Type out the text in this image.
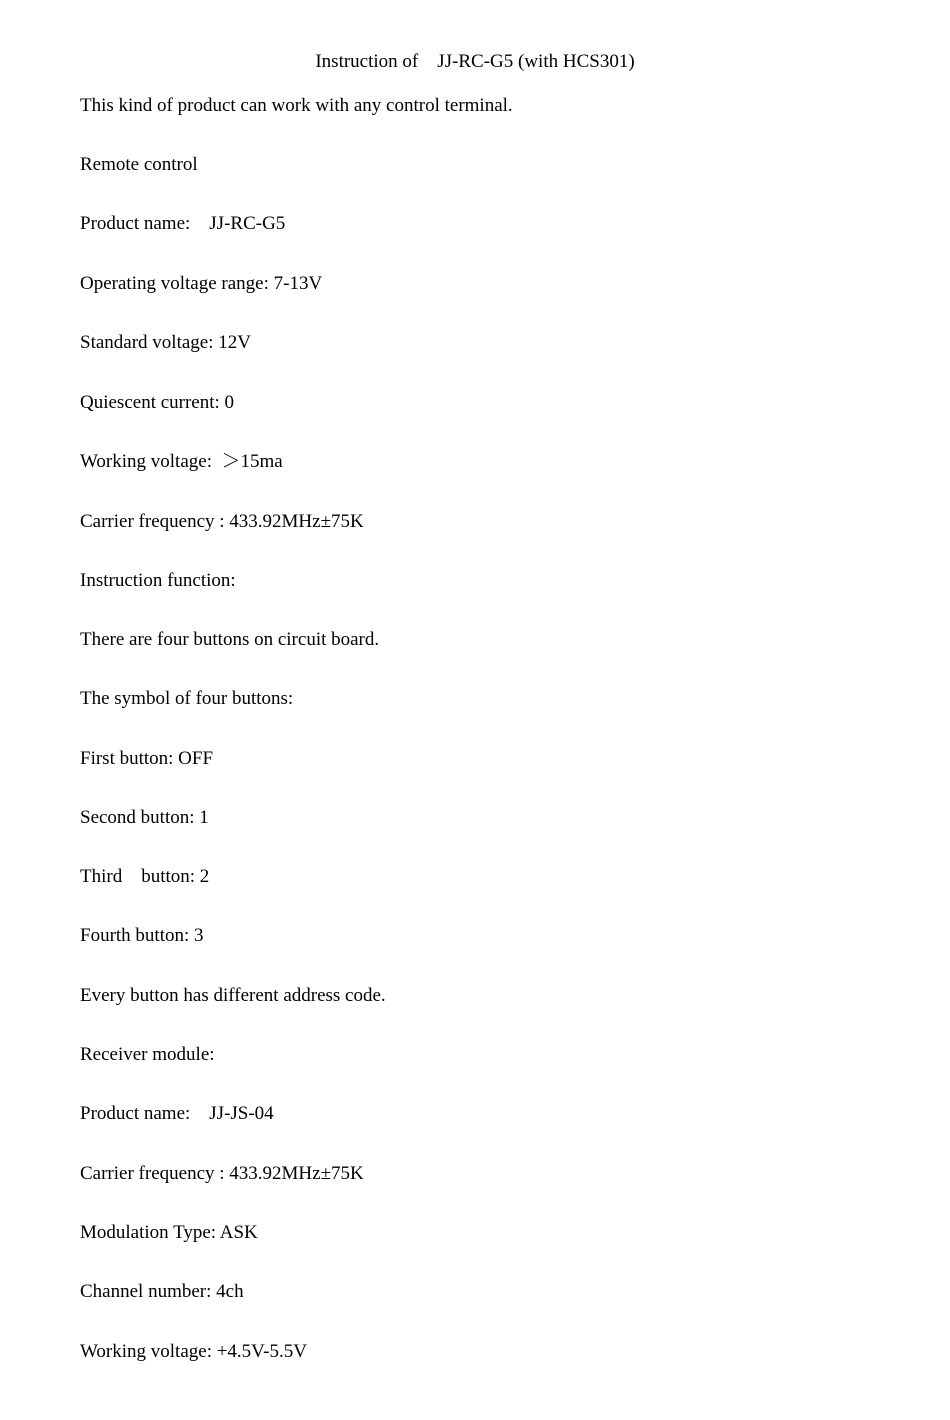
Instruction of    JJ-RC-G5 (with HCS301)
This kind of product can work with any control terminal.
Remote control
Product name:    JJ-RC-G5
Operating voltage range: 7-13V
Standard voltage: 12V
Quiescent current: 0
Working voltage:  ＞15ma
Carrier frequency : 433.92MHz±75K
Instruction function:
There are four buttons on circuit board.
The symbol of four buttons:
First button: OFF
Second button: 1
Third    button: 2
Fourth button: 3
Every button has different address code.
Receiver module:
Product name:    JJ-JS-04
Carrier frequency : 433.92MHz±75K
Modulation Type: ASK
Channel number: 4ch
Working voltage: +4.5V-5.5V
